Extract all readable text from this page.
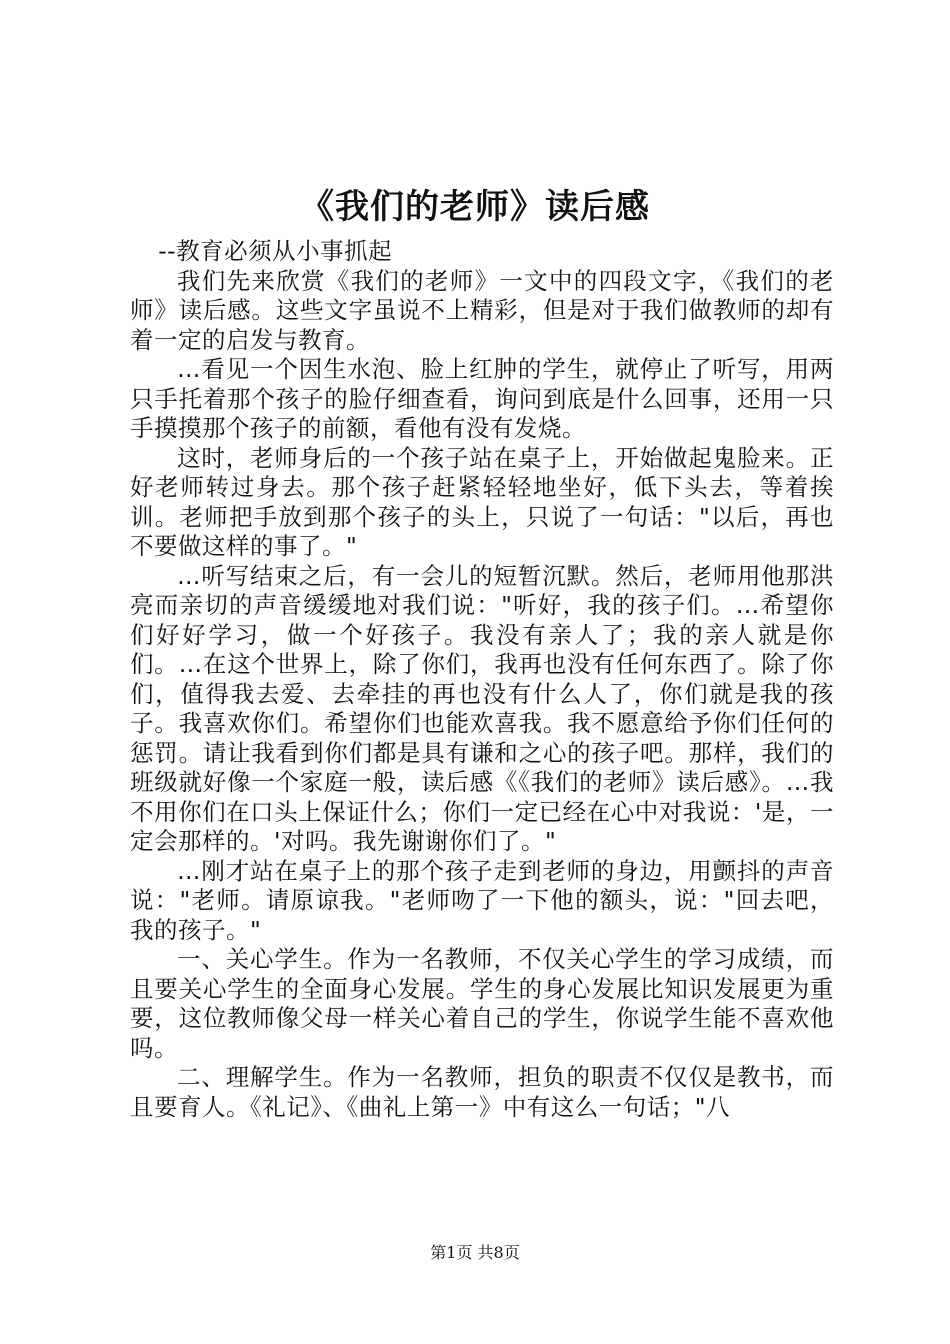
《我们的老师》读后感

--教育必须从小事抓起

我们先来欣赏《我们的老师》一文中的四段文字，《我们的老师》读后感。这些文字虽说不上精彩，但是对于我们做教师的却有着一定的启发与教育。

…看见一个因生水泡、脸上红肿的学生，就停止了听写，用两只手托着那个孩子的脸仔细查看，询问到底是什么回事，还用一只手摸摸那个孩子的前额，看他有没有发烧。

这时，老师身后的一个孩子站在桌子上，开始做起鬼脸来。正好老师转过身去。那个孩子赶紧轻轻地坐好，低下头去，等着挨训。老师把手放到那个孩子的头上，只说了一句话："以后，再也不要做这样的事了。"

…听写结束之后，有一会儿的短暂沉默。然后，老师用他那洪亮而亲切的声音缓缓地对我们说："听好，我的孩子们。…希望你们好好学习，做一个好孩子。我没有亲人了；我的亲人就是你们。…在这个世界上，除了你们，我再也没有任何东西了。除了你们，值得我去爱、去牵挂的再也没有什么人了，你们就是我的孩子。我喜欢你们。希望你们也能欢喜我。我不愿意给予你们任何的惩罚。请让我看到你们都是具有谦和之心的孩子吧。那样，我们的班级就好像一个家庭一般，读后感《《我们的老师》读后感》。…我不用你们在口头上保证什么；你们一定已经在心中对我说：'是，一定会那样的。'对吗。我先谢谢你们了。"

…刚才站在桌子上的那个孩子走到老师的身边，用颤抖的声音说："老师。请原谅我。"老师吻了一下他的额头，说："回去吧，我的孩子。"

一、关心学生。作为一名教师，不仅关心学生的学习成绩，而且要关心学生的全面身心发展。学生的身心发展比知识发展更为重要，这位教师像父母一样关心着自己的学生，你说学生能不喜欢他吗。

二、理解学生。作为一名教师，担负的职责不仅仅是教书，而且要育人。《礼记》、《曲礼上第一》中有这么一句话；"八

第1页 共8页
